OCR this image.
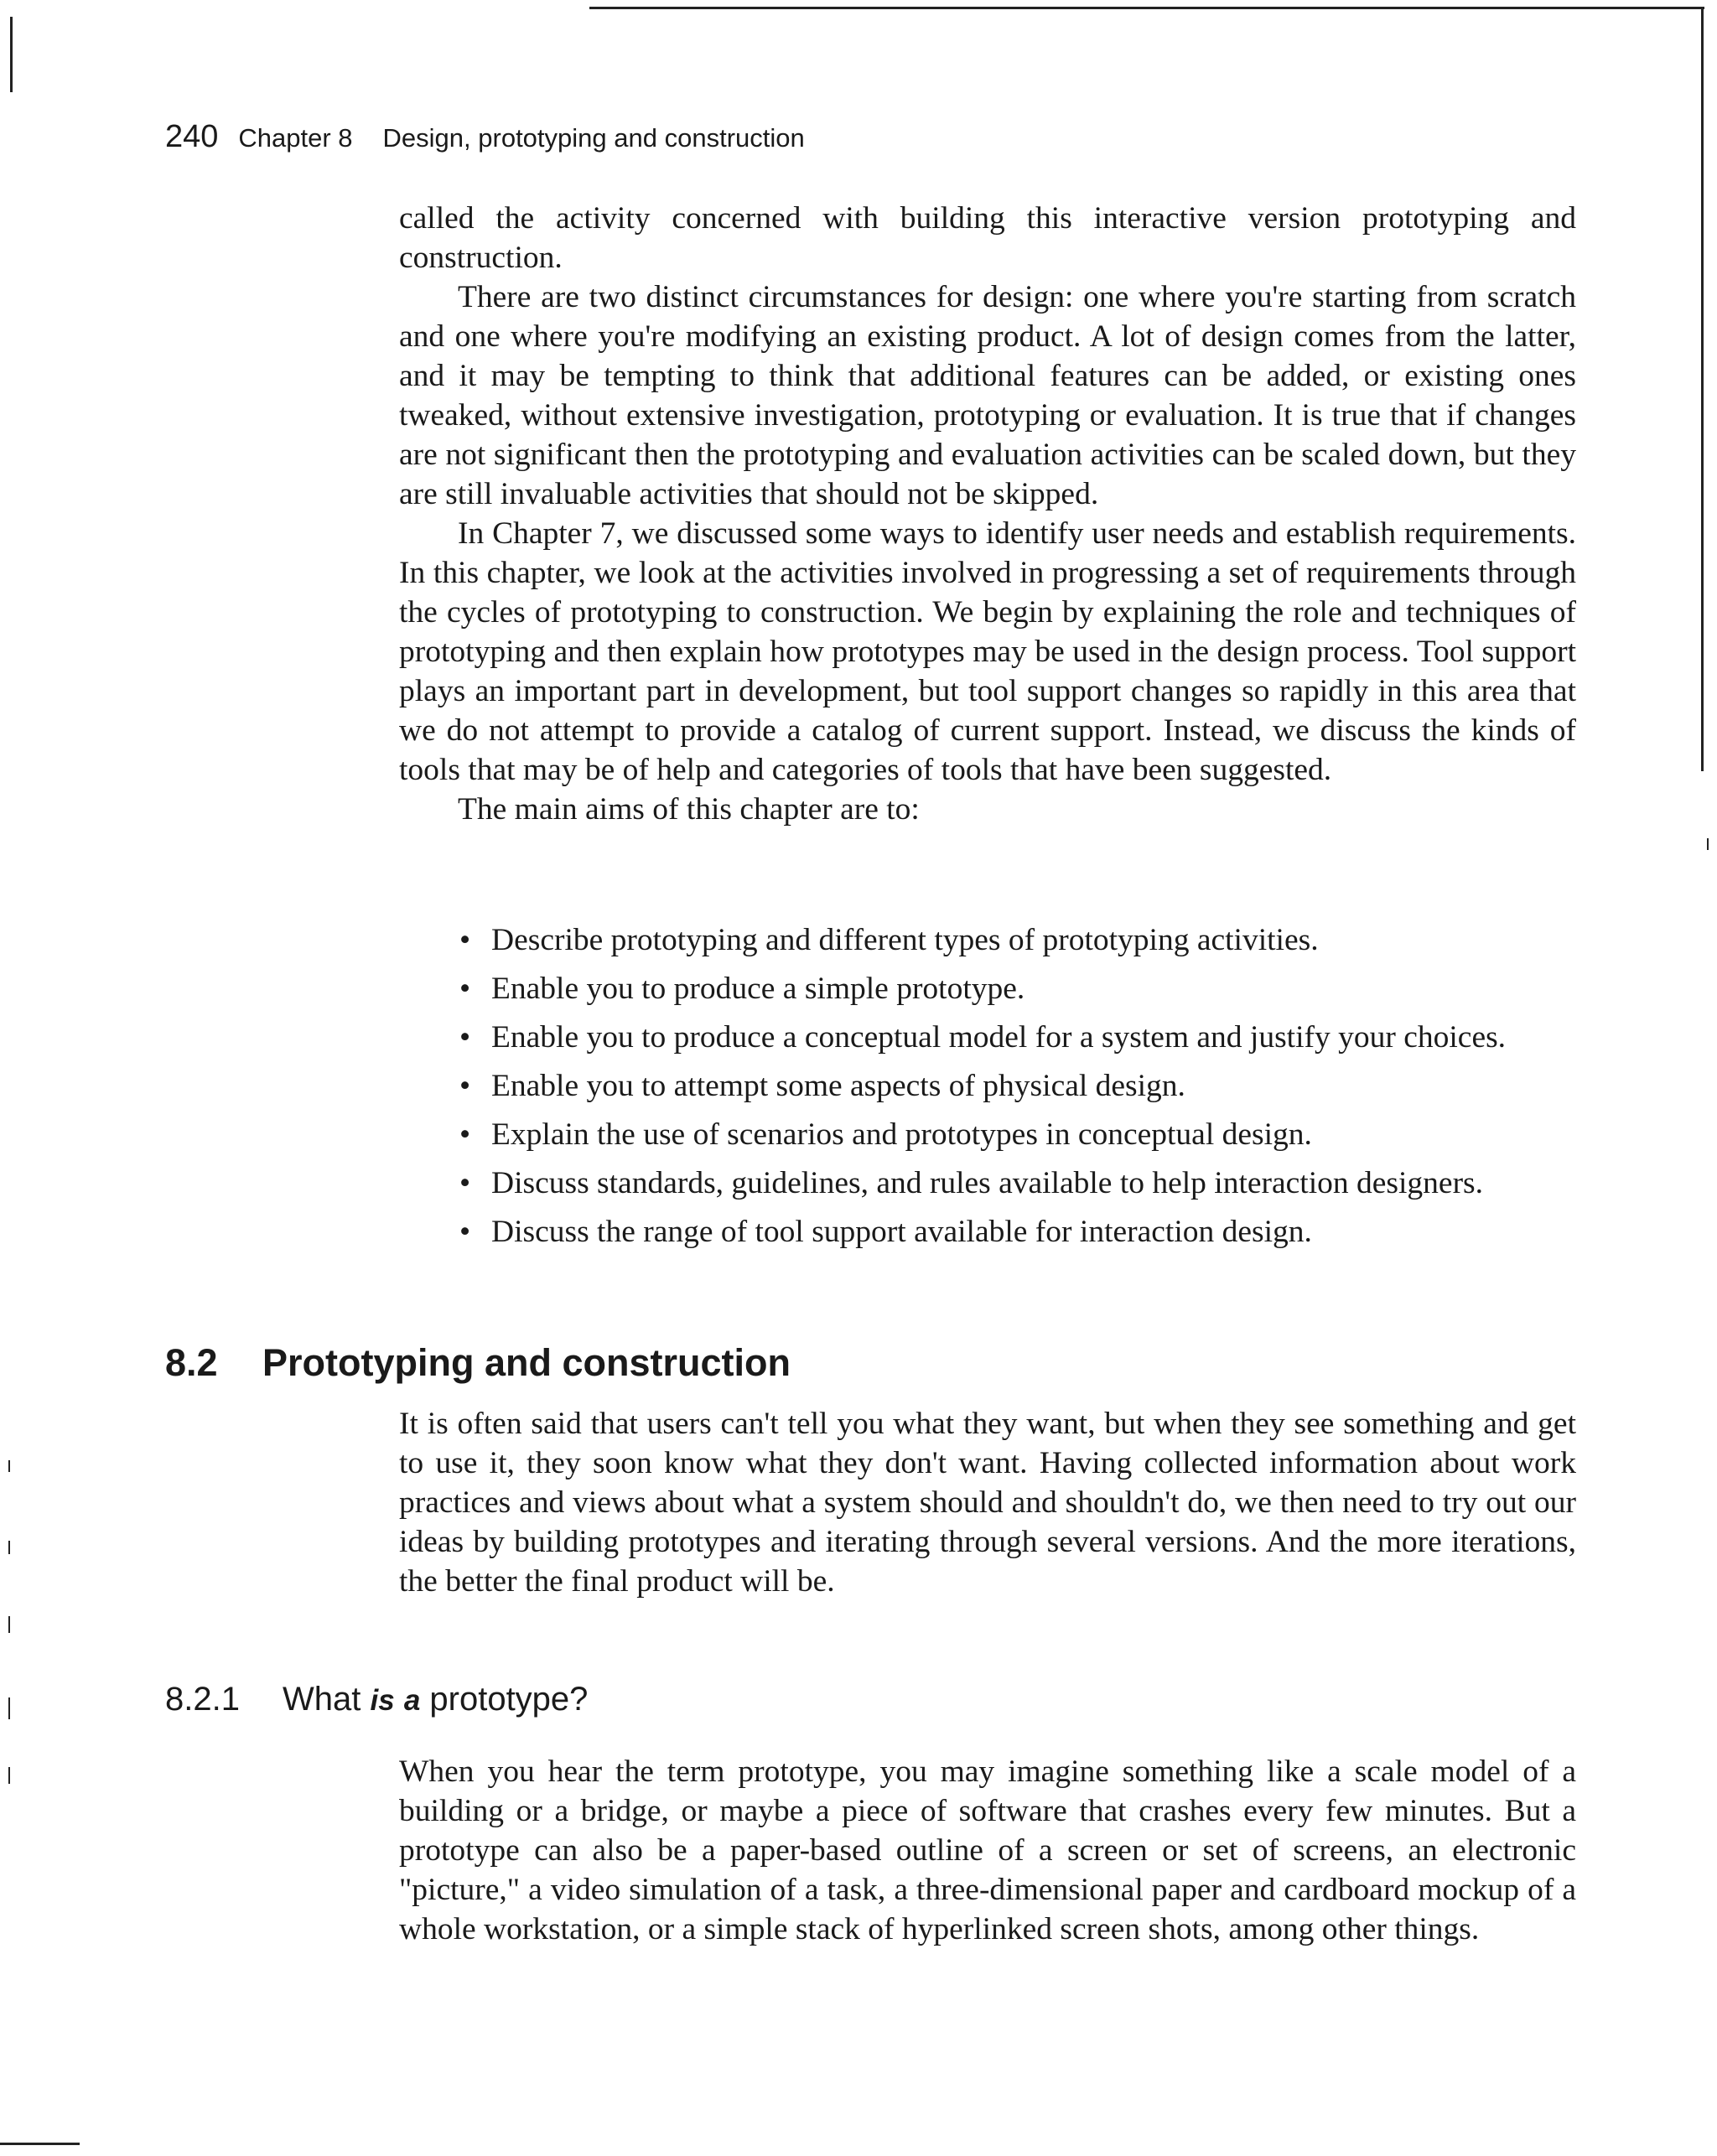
240 Chapter 8 Design, prototyping and construction

called the activity concerned with building this interactive version prototyping and construction.

There are two distinct circumstances for design: one where you're starting from scratch and one where you're modifying an existing product. A lot of design comes from the latter, and it may be tempting to think that additional features can be added, or existing ones tweaked, without extensive investigation, prototyping or evaluation. It is true that if changes are not significant then the prototyping and evaluation activities can be scaled down, but they are still invaluable activities that should not be skipped.

In Chapter 7, we discussed some ways to identify user needs and establish requirements. In this chapter, we look at the activities involved in progressing a set of requirements through the cycles of prototyping to construction. We begin by explaining the role and techniques of prototyping and then explain how prototypes may be used in the design process. Tool support plays an important part in development, but tool support changes so rapidly in this area that we do not attempt to provide a catalog of current support. Instead, we discuss the kinds of tools that may be of help and categories of tools that have been suggested.

The main aims of this chapter are to:

• Describe prototyping and different types of prototyping activities.
• Enable you to produce a simple prototype.
• Enable you to produce a conceptual model for a system and justify your choices.
• Enable you to attempt some aspects of physical design.
• Explain the use of scenarios and prototypes in conceptual design.
• Discuss standards, guidelines, and rules available to help interaction designers.
• Discuss the range of tool support available for interaction design.
8.2 Prototyping and construction

It is often said that users can't tell you what they want, but when they see something and get to use it, they soon know what they don't want. Having collected information about work practices and views about what a system should and shouldn't do, we then need to try out our ideas by building prototypes and iterating through several versions. And the more iterations, the better the final product will be.

8.2.1 What is a prototype?

When you hear the term prototype, you may imagine something like a scale model of a building or a bridge, or maybe a piece of software that crashes every few minutes. But a prototype can also be a paper-based outline of a screen or set of screens, an electronic "picture," a video simulation of a task, a three-dimensional paper and cardboard mockup of a whole workstation, or a simple stack of hyperlinked screen shots, among other things.
